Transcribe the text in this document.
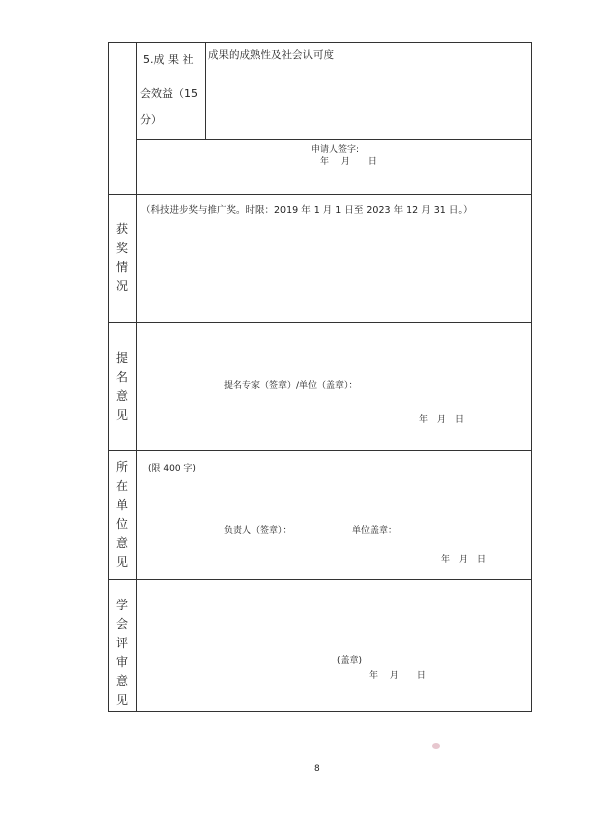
5.成 果 社
会效益（15
分）
成果的成熟性及社会认可度
申请人签字:
年　 月　　日
获
奖
情
况
（科技进步奖与推广奖。时限：2019 年 1 月 1 日至 2023 年 12 月 31 日。）
提
名
意
见
提名专家（签章）/单位（盖章）：
年　月　日
所
在
单
位
意
见
(限 400 字)
负责人（签章）：	单位盖章：
年　月　日
学
会
评
审
意
见
(盖章)
年　 月　　日
8
